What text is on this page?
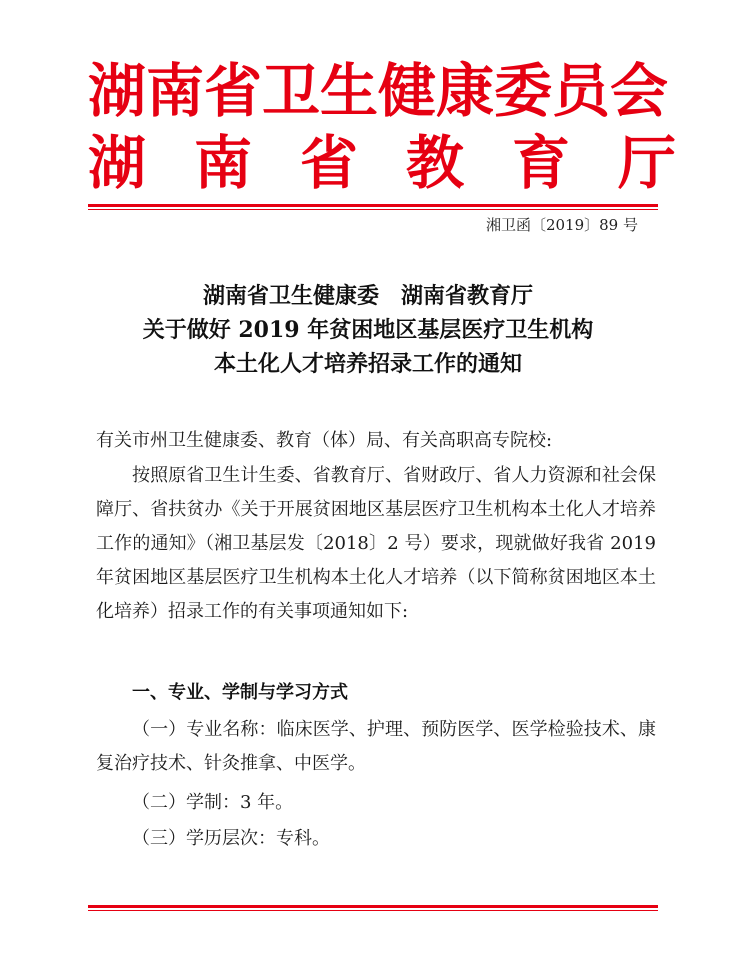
湖南省卫生健康委员会
湖南省教育厅
湘卫函〔2019〕89 号
湖南省卫生健康委　湖南省教育厅
关于做好 2019 年贫困地区基层医疗卫生机构
本土化人才培养招录工作的通知
有关市州卫生健康委、教育（体）局、有关高职高专院校:
按照原省卫生计生委、省教育厅、省财政厅、省人力资源和社会保障厅、省扶贫办《关于开展贫困地区基层医疗卫生机构本土化人才培养工作的通知》（湘卫基层发〔2018〕2 号）要求，现就做好我省 2019 年贫困地区基层医疗卫生机构本土化人才培养（以下简称贫困地区本土化培养）招录工作的有关事项通知如下:
一、专业、学制与学习方式
（一）专业名称：临床医学、护理、预防医学、医学检验技术、康复治疗技术、针灸推拿、中医学。
（二）学制：3 年。
（三）学历层次：专科。
